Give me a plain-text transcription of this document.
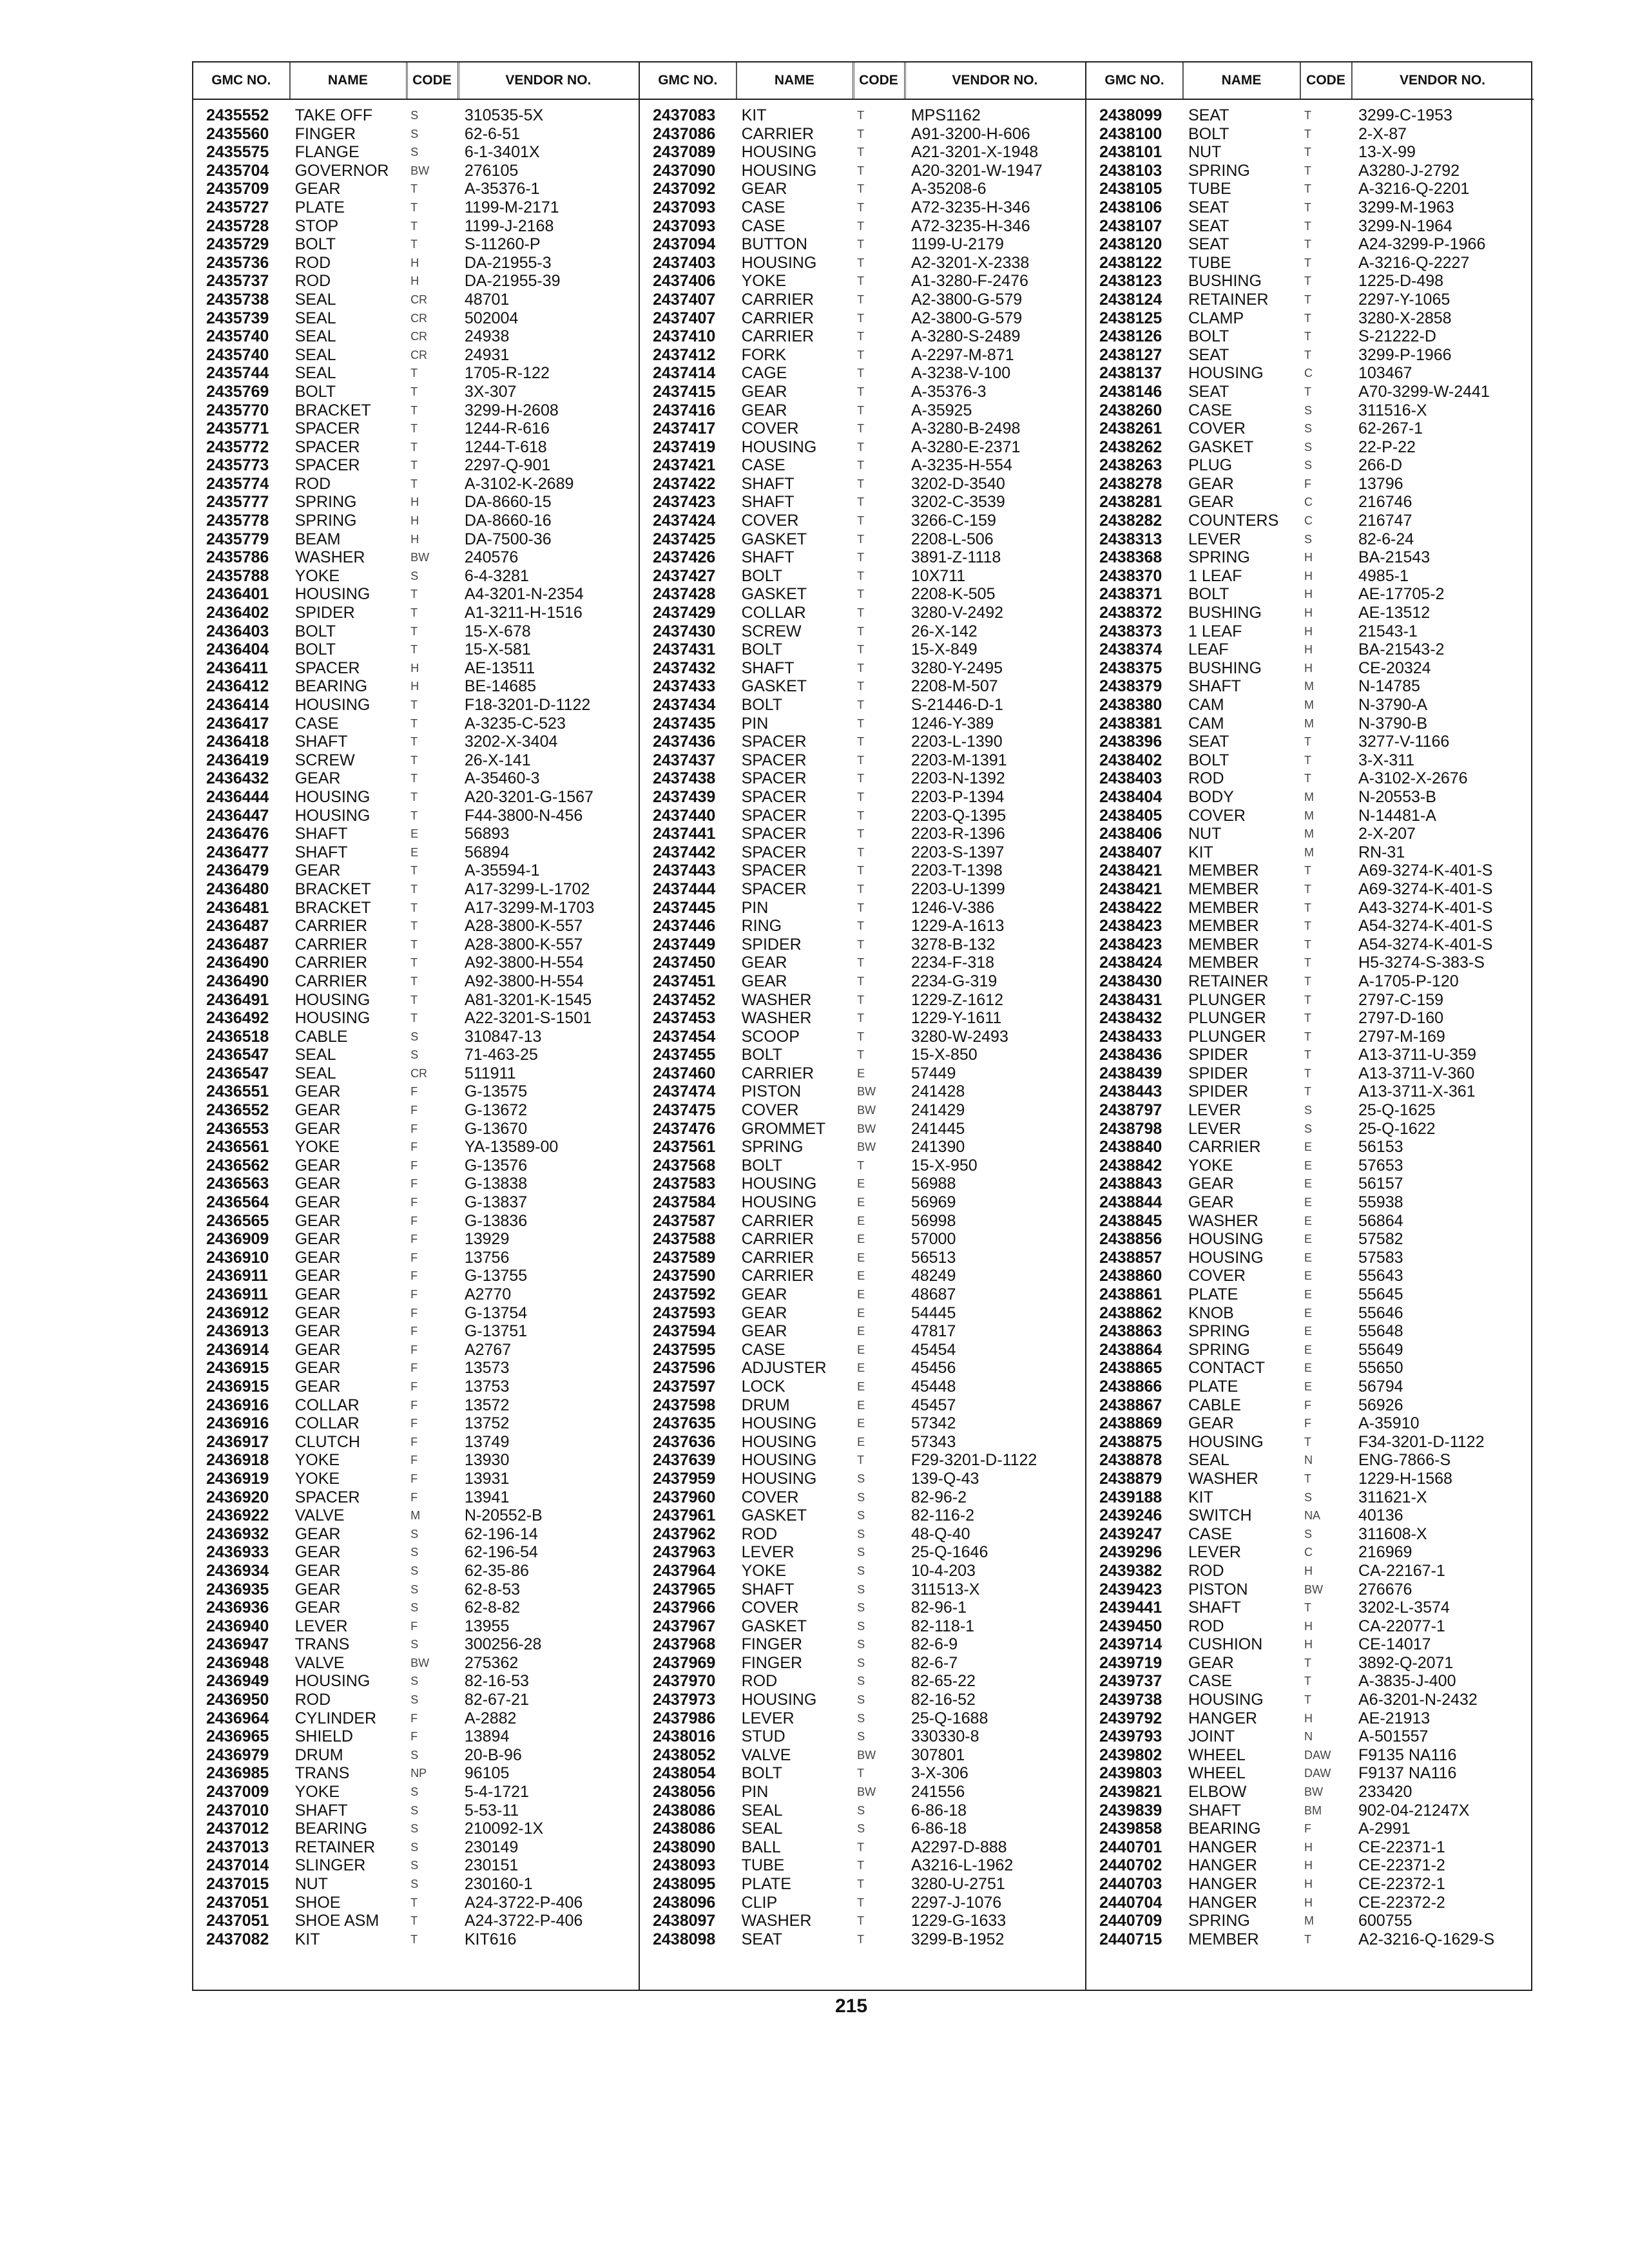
GMC NO.	NAME	CODE	VENDOR NO.
2435552	TAKE OFF	S	310535-5X
2435560	FINGER	S	62-6-51
2435575	FLANGE	S	6-1-3401X
2435704	GOVERNOR	BW	276105
2435709	GEAR	T	A-35376-1
2435727	PLATE	T	1199-M-2171
2435728	STOP	T	1199-J-2168
2435729	BOLT	T	S-11260-P
2435736	ROD	H	DA-21955-3
2435737	ROD	H	DA-21955-39
2435738	SEAL	CR	48701
2435739	SEAL	CR	502004
2435740	SEAL	CR	24938
2435740	SEAL	CR	24931
2435744	SEAL	T	1705-R-122
2435769	BOLT	T	3X-307
2435770	BRACKET	T	3299-H-2608
2435771	SPACER	T	1244-R-616
2435772	SPACER	T	1244-T-618
2435773	SPACER	T	2297-Q-901
2435774	ROD	T	A-3102-K-2689
2435777	SPRING	H	DA-8660-15
2435778	SPRING	H	DA-8660-16
2435779	BEAM	H	DA-7500-36
2435786	WASHER	BW	240576
2435788	YOKE	S	6-4-3281
2436401	HOUSING	T	A4-3201-N-2354
2436402	SPIDER	T	A1-3211-H-1516
2436403	BOLT	T	15-X-678
2436404	BOLT	T	15-X-581
2436411	SPACER	H	AE-13511
2436412	BEARING	H	BE-14685
2436414	HOUSING	T	F18-3201-D-1122
2436417	CASE	T	A-3235-C-523
2436418	SHAFT	T	3202-X-3404
2436419	SCREW	T	26-X-141
2436432	GEAR	T	A-35460-3
2436444	HOUSING	T	A20-3201-G-1567
2436447	HOUSING	T	F44-3800-N-456
2436476	SHAFT	E	56893
2436477	SHAFT	E	56894
2436479	GEAR	T	A-35594-1
2436480	BRACKET	T	A17-3299-L-1702
2436481	BRACKET	T	A17-3299-M-1703
2436487	CARRIER	T	A28-3800-K-557
2436487	CARRIER	T	A28-3800-K-557
2436490	CARRIER	T	A92-3800-H-554
2436490	CARRIER	T	A92-3800-H-554
2436491	HOUSING	T	A81-3201-K-1545
2436492	HOUSING	T	A22-3201-S-1501
2436518	CABLE	S	310847-13
2436547	SEAL	S	71-463-25
2436547	SEAL	CR	511911
2436551	GEAR	F	G-13575
2436552	GEAR	F	G-13672
2436553	GEAR	F	G-13670
2436561	YOKE	F	YA-13589-00
2436562	GEAR	F	G-13576
2436563	GEAR	F	G-13838
2436564	GEAR	F	G-13837
2436565	GEAR	F	G-13836
2436909	GEAR	F	13929
2436910	GEAR	F	13756
2436911	GEAR	F	G-13755
2436911	GEAR	F	A2770
2436912	GEAR	F	G-13754
2436913	GEAR	F	G-13751
2436914	GEAR	F	A2767
2436915	GEAR	F	13573
2436915	GEAR	F	13753
2436916	COLLAR	F	13572
2436916	COLLAR	F	13752
2436917	CLUTCH	F	13749
2436918	YOKE	F	13930
2436919	YOKE	F	13931
2436920	SPACER	F	13941
2436922	VALVE	M	N-20552-B
2436932	GEAR	S	62-196-14
2436933	GEAR	S	62-196-54
2436934	GEAR	S	62-35-86
2436935	GEAR	S	62-8-53
2436936	GEAR	S	62-8-82
2436940	LEVER	F	13955
2436947	TRANS	S	300256-28
2436948	VALVE	BW	275362
2436949	HOUSING	S	82-16-53
2436950	ROD	S	82-67-21
2436964	CYLINDER	F	A-2882
2436965	SHIELD	F	13894
2436979	DRUM	S	20-B-96
2436985	TRANS	NP	96105
2437009	YOKE	S	5-4-1721
2437010	SHAFT	S	5-53-11
2437012	BEARING	S	210092-1X
2437013	RETAINER	S	230149
2437014	SLINGER	S	230151
2437015	NUT	S	230160-1
2437051	SHOE	T	A24-3722-P-406
2437051	SHOE ASM	T	A24-3722-P-406
2437082	KIT	T	KIT616
GMC NO.	NAME	CODE	VENDOR NO.
2437083	KIT	T	MPS1162
2437086	CARRIER	T	A91-3200-H-606
2437089	HOUSING	T	A21-3201-X-1948
2437090	HOUSING	T	A20-3201-W-1947
2437092	GEAR	T	A-35208-6
2437093	CASE	T	A72-3235-H-346
2437093	CASE	T	A72-3235-H-346
2437094	BUTTON	T	1199-U-2179
2437403	HOUSING	T	A2-3201-X-2338
2437406	YOKE	T	A1-3280-F-2476
2437407	CARRIER	T	A2-3800-G-579
2437407	CARRIER	T	A2-3800-G-579
2437410	CARRIER	T	A-3280-S-2489
2437412	FORK	T	A-2297-M-871
2437414	CAGE	T	A-3238-V-100
2437415	GEAR	T	A-35376-3
2437416	GEAR	T	A-35925
2437417	COVER	T	A-3280-B-2498
2437419	HOUSING	T	A-3280-E-2371
2437421	CASE	T	A-3235-H-554
2437422	SHAFT	T	3202-D-3540
2437423	SHAFT	T	3202-C-3539
2437424	COVER	T	3266-C-159
2437425	GASKET	T	2208-L-506
2437426	SHAFT	T	3891-Z-1118
2437427	BOLT	T	10X711
2437428	GASKET	T	2208-K-505
2437429	COLLAR	T	3280-V-2492
2437430	SCREW	T	26-X-142
2437431	BOLT	T	15-X-849
2437432	SHAFT	T	3280-Y-2495
2437433	GASKET	T	2208-M-507
2437434	BOLT	T	S-21446-D-1
2437435	PIN	T	1246-Y-389
2437436	SPACER	T	2203-L-1390
2437437	SPACER	T	2203-M-1391
2437438	SPACER	T	2203-N-1392
2437439	SPACER	T	2203-P-1394
2437440	SPACER	T	2203-Q-1395
2437441	SPACER	T	2203-R-1396
2437442	SPACER	T	2203-S-1397
2437443	SPACER	T	2203-T-1398
2437444	SPACER	T	2203-U-1399
2437445	PIN	T	1246-V-386
2437446	RING	T	1229-A-1613
2437449	SPIDER	T	3278-B-132
2437450	GEAR	T	2234-F-318
2437451	GEAR	T	2234-G-319
2437452	WASHER	T	1229-Z-1612
2437453	WASHER	T	1229-Y-1611
2437454	SCOOP	T	3280-W-2493
2437455	BOLT	T	15-X-850
2437460	CARRIER	E	57449
2437474	PISTON	BW	241428
2437475	COVER	BW	241429
2437476	GROMMET	BW	241445
2437561	SPRING	BW	241390
2437568	BOLT	T	15-X-950
2437583	HOUSING	E	56988
2437584	HOUSING	E	56969
2437587	CARRIER	E	56998
2437588	CARRIER	E	57000
2437589	CARRIER	E	56513
2437590	CARRIER	E	48249
2437592	GEAR	E	48687
2437593	GEAR	E	54445
2437594	GEAR	E	47817
2437595	CASE	E	45454
2437596	ADJUSTER	E	45456
2437597	LOCK	E	45448
2437598	DRUM	E	45457
2437635	HOUSING	E	57342
2437636	HOUSING	E	57343
2437639	HOUSING	T	F29-3201-D-1122
2437959	HOUSING	S	139-Q-43
2437960	COVER	S	82-96-2
2437961	GASKET	S	82-116-2
2437962	ROD	S	48-Q-40
2437963	LEVER	S	25-Q-1646
2437964	YOKE	S	10-4-203
2437965	SHAFT	S	311513-X
2437966	COVER	S	82-96-1
2437967	GASKET	S	82-118-1
2437968	FINGER	S	82-6-9
2437969	FINGER	S	82-6-7
2437970	ROD	S	82-65-22
2437973	HOUSING	S	82-16-52
2437986	LEVER	S	25-Q-1688
2438016	STUD	S	330330-8
2438052	VALVE	BW	307801
2438054	BOLT	T	3-X-306
2438056	PIN	BW	241556
2438086	SEAL	S	6-86-18
2438086	SEAL	S	6-86-18
2438090	BALL	T	A2297-D-888
2438093	TUBE	T	A3216-L-1962
2438095	PLATE	T	3280-U-2751
2438096	CLIP	T	2297-J-1076
2438097	WASHER	T	1229-G-1633
2438098	SEAT	T	3299-B-1952
GMC NO.	NAME	CODE	VENDOR NO.
2438099	SEAT	T	3299-C-1953
2438100	BOLT	T	2-X-87
2438101	NUT	T	13-X-99
2438103	SPRING	T	A3280-J-2792
2438105	TUBE	T	A-3216-Q-2201
2438106	SEAT	T	3299-M-1963
2438107	SEAT	T	3299-N-1964
2438120	SEAT	T	A24-3299-P-1966
2438122	TUBE	T	A-3216-Q-2227
2438123	BUSHING	T	1225-D-498
2438124	RETAINER	T	2297-Y-1065
2438125	CLAMP	T	3280-X-2858
2438126	BOLT	T	S-21222-D
2438127	SEAT	T	3299-P-1966
2438137	HOUSING	C	103467
2438146	SEAT	T	A70-3299-W-2441
2438260	CASE	S	311516-X
2438261	COVER	S	62-267-1
2438262	GASKET	S	22-P-22
2438263	PLUG	S	266-D
2438278	GEAR	F	13796
2438281	GEAR	C	216746
2438282	COUNTERS	C	216747
2438313	LEVER	S	82-6-24
2438368	SPRING	H	BA-21543
2438370	1 LEAF	H	4985-1
2438371	BOLT	H	AE-17705-2
2438372	BUSHING	H	AE-13512
2438373	1 LEAF	H	21543-1
2438374	LEAF	H	BA-21543-2
2438375	BUSHING	H	CE-20324
2438379	SHAFT	M	N-14785
2438380	CAM	M	N-3790-A
2438381	CAM	M	N-3790-B
2438396	SEAT	T	3277-V-1166
2438402	BOLT	T	3-X-311
2438403	ROD	T	A-3102-X-2676
2438404	BODY	M	N-20553-B
2438405	COVER	M	N-14481-A
2438406	NUT	M	2-X-207
2438407	KIT	M	RN-31
2438421	MEMBER	T	A69-3274-K-401-S
2438421	MEMBER	T	A69-3274-K-401-S
2438422	MEMBER	T	A43-3274-K-401-S
2438423	MEMBER	T	A54-3274-K-401-S
2438423	MEMBER	T	A54-3274-K-401-S
2438424	MEMBER	T	H5-3274-S-383-S
2438430	RETAINER	T	A-1705-P-120
2438431	PLUNGER	T	2797-C-159
2438432	PLUNGER	T	2797-D-160
2438433	PLUNGER	T	2797-M-169
2438436	SPIDER	T	A13-3711-U-359
2438439	SPIDER	T	A13-3711-V-360
2438443	SPIDER	T	A13-3711-X-361
2438797	LEVER	S	25-Q-1625
2438798	LEVER	S	25-Q-1622
2438840	CARRIER	E	56153
2438842	YOKE	E	57653
2438843	GEAR	E	56157
2438844	GEAR	E	55938
2438845	WASHER	E	56864
2438856	HOUSING	E	57582
2438857	HOUSING	E	57583
2438860	COVER	E	55643
2438861	PLATE	E	55645
2438862	KNOB	E	55646
2438863	SPRING	E	55648
2438864	SPRING	E	55649
2438865	CONTACT	E	55650
2438866	PLATE	E	56794
2438867	CABLE	F	56926
2438869	GEAR	F	A-35910
2438875	HOUSING	T	F34-3201-D-1122
2438878	SEAL	N	ENG-7866-S
2438879	WASHER	T	1229-H-1568
2439188	KIT	S	311621-X
2439246	SWITCH	NA	40136
2439247	CASE	S	311608-X
2439296	LEVER	C	216969
2439382	ROD	H	CA-22167-1
2439423	PISTON	BW	276676
2439441	SHAFT	T	3202-L-3574
2439450	ROD	H	CA-22077-1
2439714	CUSHION	H	CE-14017
2439719	GEAR	T	3892-Q-2071
2439737	CASE	T	A-3835-J-400
2439738	HOUSING	T	A6-3201-N-2432
2439792	HANGER	H	AE-21913
2439793	JOINT	N	A-501557
2439802	WHEEL	DAW	F9135 NA116
2439803	WHEEL	DAW	F9137 NA116
2439821	ELBOW	BW	233420
2439839	SHAFT	BM	902-04-21247X
2439858	BEARING	F	A-2991
2440701	HANGER	H	CE-22371-1
2440702	HANGER	H	CE-22371-2
2440703	HANGER	H	CE-22372-1
2440704	HANGER	H	CE-22372-2
2440709	SPRING	M	600755
2440715	MEMBER	T	A2-3216-Q-1629-S
215
